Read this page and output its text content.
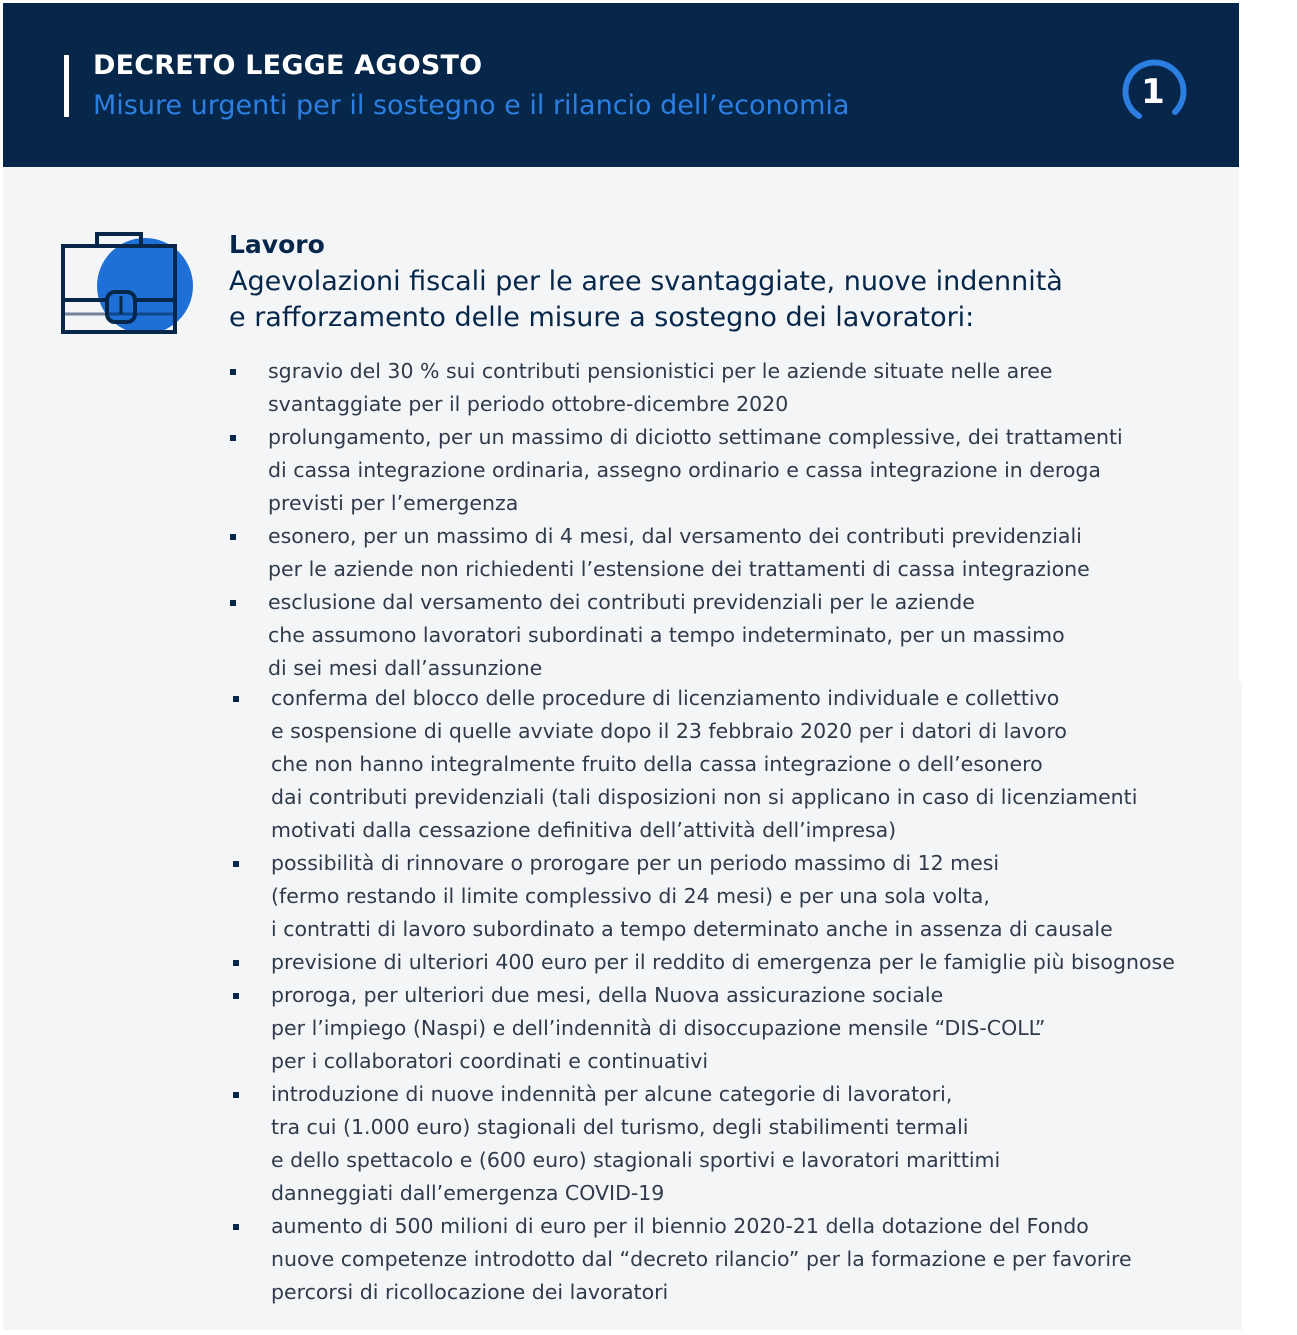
DECRETO LEGGE AGOSTO
Misure urgenti per il sostegno e il rilancio dell’economia	1
Lavoro
Agevolazioni fiscali per le aree svantaggiate, nuove indennità
e rafforzamento delle misure a sostegno dei lavoratori:
sgravio del 30 % sui contributi pensionistici per le aziende situate nelle aree
svantaggiate per il periodo ottobre-dicembre 2020
prolungamento, per un massimo di diciotto settimane complessive, dei trattamenti
di cassa integrazione ordinaria, assegno ordinario e cassa integrazione in deroga
previsti per l’emergenza
esonero, per un massimo di 4 mesi, dal versamento dei contributi previdenziali
per le aziende non richiedenti l’estensione dei trattamenti di cassa integrazione
esclusione dal versamento dei contributi previdenziali per le aziende
che assumono lavoratori subordinati a tempo indeterminato, per un massimo
di sei mesi dall’assunzione
conferma del blocco delle procedure di licenziamento individuale e collettivo
e sospensione di quelle avviate dopo il 23 febbraio 2020 per i datori di lavoro
che non hanno integralmente fruito della cassa integrazione o dell’esonero
dai contributi previdenziali (tali disposizioni non si applicano in caso di licenziamenti
motivati dalla cessazione definitiva dell’attività dell’impresa)
possibilità di rinnovare o prorogare per un periodo massimo di 12 mesi
(fermo restando il limite complessivo di 24 mesi) e per una sola volta,
i contratti di lavoro subordinato a tempo determinato anche in assenza di causale
previsione di ulteriori 400 euro per il reddito di emergenza per le famiglie più bisognose
proroga, per ulteriori due mesi, della Nuova assicurazione sociale
per l’impiego (Naspi) e dell’indennità di disoccupazione mensile “DIS-COLL”
per i collaboratori coordinati e continuativi
introduzione di nuove indennità per alcune categorie di lavoratori,
tra cui (1.000 euro) stagionali del turismo, degli stabilimenti termali
e dello spettacolo e (600 euro) stagionali sportivi e lavoratori marittimi
danneggiati dall’emergenza COVID-19
aumento di 500 milioni di euro per il biennio 2020-21 della dotazione del Fondo
nuove competenze introdotto dal “decreto rilancio” per la formazione e per favorire
percorsi di ricollocazione dei lavoratori
